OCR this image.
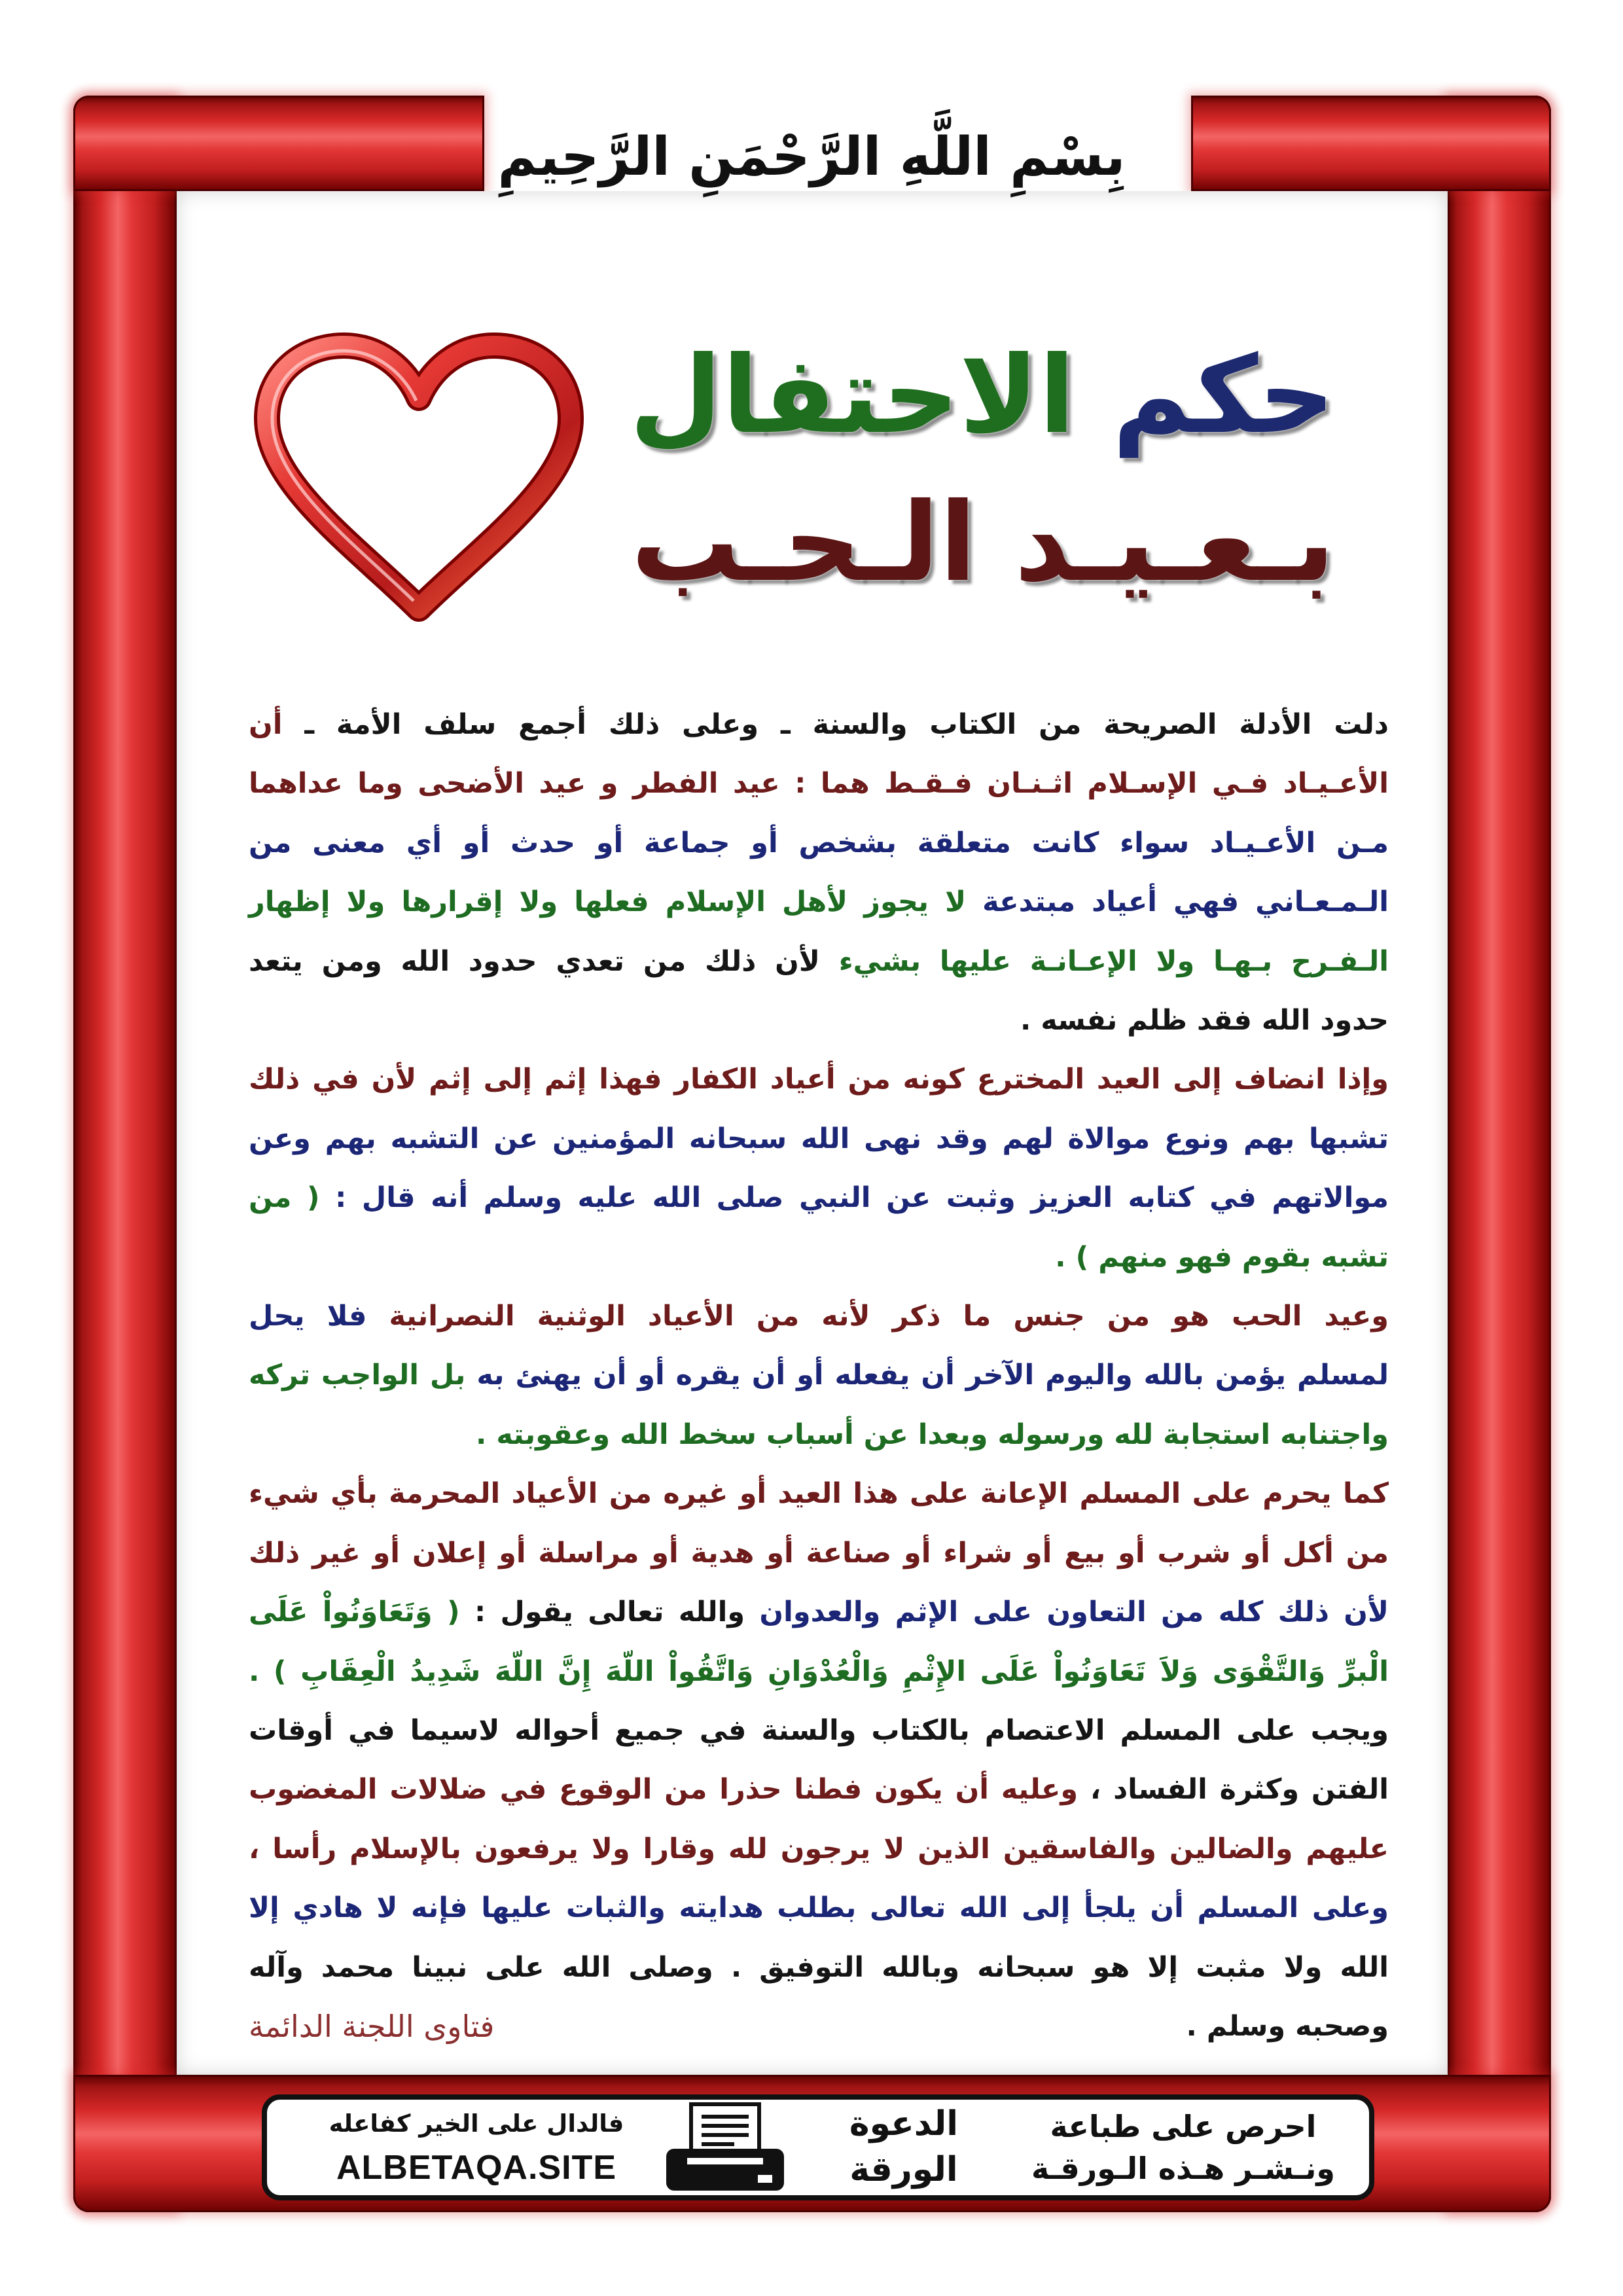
بِسْمِ اللَّهِ الرَّحْمَنِ الرَّحِيمِ
حكم الاحتفال
بـعـيـد الـحـب
دلت الأدلة الصريحة من الكتاب والسنة ـ وعلى ذلك أجمع سلف الأمة ـ أن
الأعـيـاد فـي الإسـلام اثـنـان فـقـط هما : عيد الفطر و عيد الأضحى وما عداهما
مـن الأعـيـاد سواء كانت متعلقة بشخص أو جماعة أو حدث أو أي معنى من
الـمـعـاني فهي أعياد مبتدعة لا يجوز لأهل الإسلام فعلها ولا إقرارها ولا إظهار
الـفـرح بـهـا ولا الإعـانـة عليها بشيء لأن ذلك من تعدي حدود الله ومن يتعد
حدود الله فقد ظلم نفسه .
وإذا انضاف إلى العيد المخترع كونه من أعياد الكفار فهذا إثم إلى إثم لأن في ذلك
تشبها بهم ونوع موالاة لهم وقد نهى الله سبحانه المؤمنين عن التشبه بهم وعن
موالاتهم في كتابه العزيز وثبت عن النبي صلى الله عليه وسلم أنه قال : ( من
تشبه بقوم فهو منهم ) .
وعيد الحب هو من جنس ما ذكر لأنه من الأعياد الوثنية النصرانية فلا يحل
لمسلم يؤمن بالله واليوم الآخر أن يفعله أو أن يقره أو أن يهنئ به بل الواجب تركه
واجتنابه استجابة لله ورسوله وبعدا عن أسباب سخط الله وعقوبته .
كما يحرم على المسلم الإعانة على هذا العيد أو غيره من الأعياد المحرمة بأي شيء
من أكل أو شرب أو بيع أو شراء أو صناعة أو هدية أو مراسلة أو إعلان أو غير ذلك
لأن ذلك كله من التعاون على الإثم والعدوان والله تعالى يقول : ( وَتَعَاوَنُواْ عَلَى
الْبرِّ وَالتَّقْوَى وَلاَ تَعَاوَنُواْ عَلَى الإِثْمِ وَالْعُدْوَانِ وَاتَّقُواْ اللّهَ إِنَّ اللّهَ شَدِيدُ الْعِقَابِ ) .
ويجب على المسلم الاعتصام بالكتاب والسنة في جميع أحواله لاسيما في أوقات
الفتن وكثرة الفساد ، وعليه أن يكون فطنا حذرا من الوقوع في ضلالات المغضوب
عليهم والضالين والفاسقين الذين لا يرجون لله وقارا ولا يرفعون بالإسلام رأسا ،
وعلى المسلم أن يلجأ إلى الله تعالى بطلب هدايته والثبات عليها فإنه لا هادي إلا
الله ولا مثبت إلا هو سبحانه وبالله التوفيق . وصلى الله على نبينا محمد وآله
وصحبه وسلم .
فتاوى اللجنة الدائمة
احرص على طباعة
ونـشـر هـذه الـورقـة
الدعوة
الورقة
فالدال على الخير كفاعله
ALBETAQA.SITE
